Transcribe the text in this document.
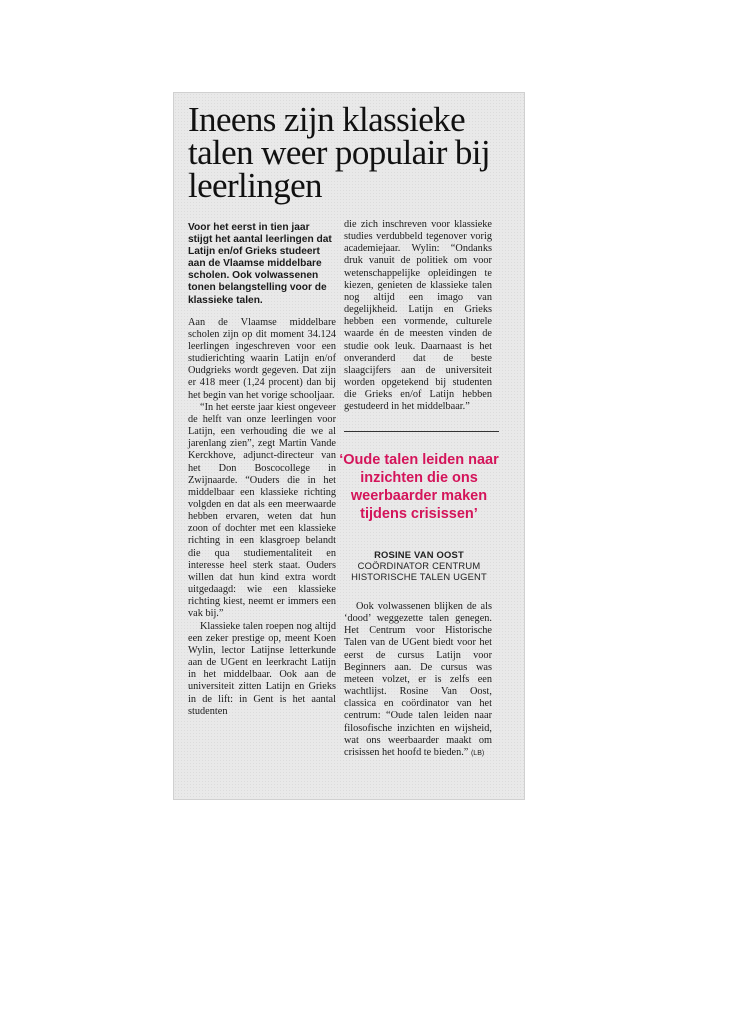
Ineens zijn klassieke talen weer populair bij leerlingen

Voor het eerst in tien jaar stijgt het aantal leerlingen dat Latijn en/of Grieks studeert aan de Vlaamse middelbare scholen. Ook volwassenen tonen belangstelling voor de klassieke talen.

Aan de Vlaamse middelbare scholen zijn op dit moment 34.124 leerlingen ingeschreven voor een studierichting waarin Latijn en/of Oudgrieks wordt gegeven. Dat zijn er 418 meer (1,24 procent) dan bij het begin van het vorige schooljaar.

“In het eerste jaar kiest ongeveer de helft van onze leerlingen voor Latijn, een verhouding die we al jarenlang zien”, zegt Martin Vande Kerckhove, adjunct-directeur van het Don Boscocollege in Zwijnaarde. “Ouders die in het middelbaar een klassieke richting volgden en dat als een meerwaarde hebben ervaren, weten dat hun zoon of dochter met een klassieke richting in een klasgroep belandt die qua studiementaliteit en interesse heel sterk staat. Ouders willen dat hun kind extra wordt uitgedaagd: wie een klassieke richting kiest, neemt er immers een vak bij.”

Klassieke talen roepen nog altijd een zeker prestige op, meent Koen Wylin, lector Latijnse letterkunde aan de UGent en leerkracht Latijn in het middelbaar. Ook aan de universiteit zitten Latijn en Grieks in de lift: in Gent is het aantal studenten

die zich inschreven voor klassieke studies verdubbeld tegenover vorig academiejaar. Wylin: “Ondanks druk vanuit de politiek om voor wetenschappelijke opleidingen te kiezen, genieten de klassieke talen nog altijd een imago van degelijkheid. Latijn en Grieks hebben een vormende, culturele waarde én de meesten vinden de studie ook leuk. Daarnaast is het onveranderd dat de beste slaagcijfers aan de universiteit worden opgetekend bij studenten die Grieks en/of Latijn hebben gestudeerd in het middelbaar.”

‘Oude talen leiden naar inzichten die ons weerbaarder maken tijdens crisissen’

ROSINE VAN OOST
COÖRDINATOR CENTRUM
HISTORISCHE TALEN UGENT

Ook volwassenen blijken de als ‘dood’ weggezette talen genegen. Het Centrum voor Historische Talen van de UGent biedt voor het eerst de cursus Latijn voor Beginners aan. De cursus was meteen volzet, er is zelfs een wachtlijst. Rosine Van Oost, classica en coördinator van het centrum: “Oude talen leiden naar filosofische inzichten en wijsheid, wat ons weerbaarder maakt om crisissen het hoofd te bieden.” (LB)
